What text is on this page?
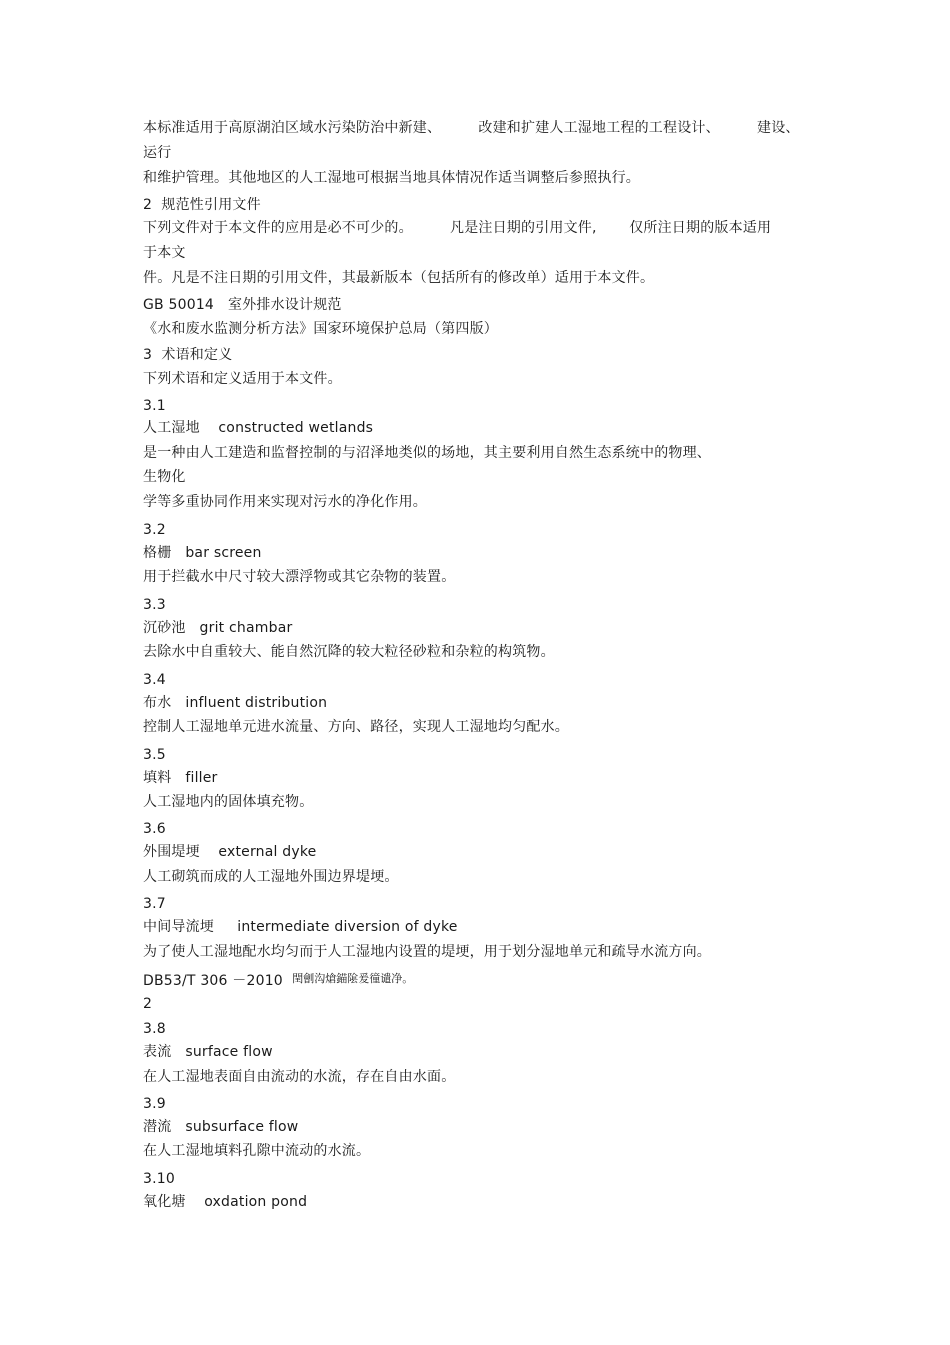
本标准适用于高原湖泊区域水污染防治中新建、        改建和扩建人工湿地工程的工程设计、        建设、
运行
和维护管理。其他地区的人工湿地可根据当地具体情况作适当调整后参照执行。
2  规范性引用文件
下列文件对于本文件的应用是必不可少的。        凡是注日期的引用文件,       仅所注日期的版本适用
于本文
件。凡是不注日期的引用文件，其最新版本（包括所有的修改单）适用于本文件。
GB 50014   室外排水设计规范
《水和废水监测分析方法》国家环境保护总局（第四版）
3  术语和定义
下列术语和定义适用于本文件。
3.1
人工湿地    constructed wetlands
是一种由人工建造和监督控制的与沼泽地类似的场地，其主要利用自然生态系统中的物理、
生物化
学等多重协同作用来实现对污水的净化作用。
3.2
格栅   bar screen
用于拦截水中尺寸较大漂浮物或其它杂物的装置。
3.3
沉砂池   grit chambar
去除水中自重较大、能自然沉降的较大粒径砂粒和杂粒的构筑物。
3.4
布水   influent distribution
控制人工湿地单元进水流量、方向、路径，实现人工湿地均匀配水。
3.5
填料   filler
人工湿地内的固体填充物。
3.6
外围堤埂    external dyke
人工砌筑而成的人工湿地外围边界堤埂。
3.7
中间导流埂     intermediate diversion of dyke
为了使人工湿地配水均匀而于人工湿地内设置的堤埂，用于划分湿地单元和疏导水流方向。
DB53/T 306 －2010 $^{閏劊沟熗錨隂爰徸谴净。}$
2
3.8
表流   surface flow
在人工湿地表面自由流动的水流，存在自由水面。
3.9
潜流   subsurface flow
在人工湿地填料孔隙中流动的水流。
3.10
氧化塘    oxdation pond
